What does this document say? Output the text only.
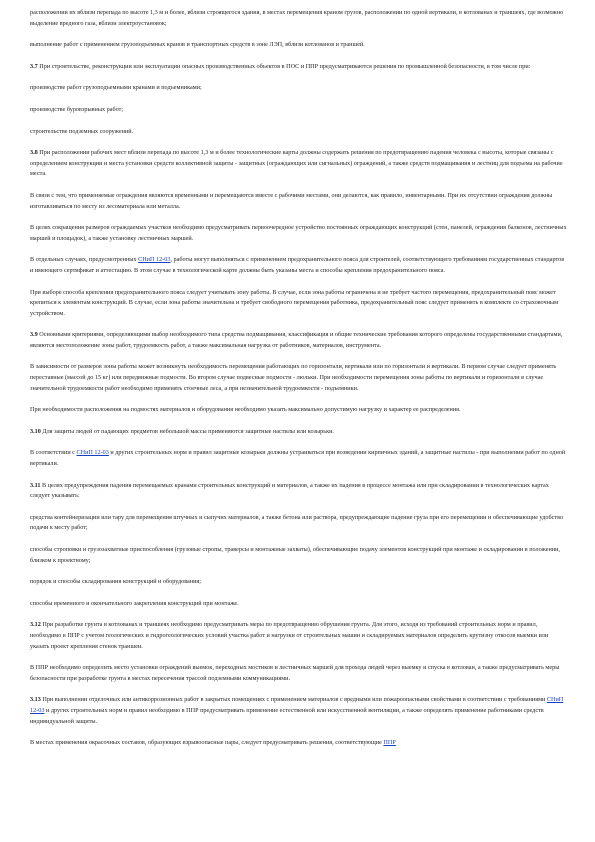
расположении их вблизи перепада по высоте 1,3 м и более, вблизи строящегося здания, в местах перемещения краном грузов, расположении по одной вертикали, в котлованах и траншеях, где возможно выделение вредного газа, вблизи электроустановок;

выполнение работ с применением грузоподъемных кранов и транспортных средств в зоне ЛЭП, вблизи котлованов и траншей.

3.7 При строительстве, реконструкции или эксплуатации опасных производственных объектов в ПОС и ППР предусматриваются решения по промышленной безопасности, в том числе при:

производстве работ грузоподъемными кранами и подъемниками;

производстве буровзрывных работ;

строительстве подземных сооружений.

3.8 При расположении рабочих мест вблизи перепада по высоте 1,3 м и более технологические карты должны содержать решения по предотвращению падения человека с высоты, которые связаны с определением конструкции и места установки средств коллективной защиты - защитных (ограждающих или сигнальных) ограждений, а также средств подмащивания и лестниц для подъема на рабочие места.

В связи с тем, что применяемые ограждения являются временными и перемещаются вместе с рабочими местами, они делаются, как правило, инвентарными. При их отсутствии ограждения должны изготавливаться по месту из лесоматериала или металла.

В целях сокращения размеров ограждаемых участков необходимо предусматривать первоочередное устройство постоянных ограждающих конструкций (стен, панелей, ограждения балконов, лестничных маршей и площадок), а также установку лестничных маршей.

В отдельных случаях, предусмотренных СНиП 12-03, работы могут выполняться с применением предохранительного пояса для строителей, соответствующего требованиям государственных стандартов и имеющего сертификат и аттестацию. В этом случае в технологической карте должны быть указаны места и способы крепления предохранительного пояса.

При выборе способа крепления предохранительного пояса следует учитывать зону работы. В случае, если зона работы ограничена и не требует частого перемещения, предохранительный пояс может крепиться к элементам конструкций. В случае, если зона работы значительна и требует свободного перемещения работника, предохранительный пояс следует применять в комплекте со страховочным устройством.

3.9 Основными критериями, определяющими выбор необходимого типа средства подмащивания, классификация и общие технические требования которого определены государственными стандартами, являются местоположение зоны работ, трудоемкость работ, а также максимальная нагрузка от работников, материалов, инструмента.

В зависимости от размеров зоны работы может возникнуть необходимость перемещения работающих по горизонтали, вертикали или по горизонтали и вертикали. В первом случае следует применять переставные (массой до 15 кг) или передвижные подмости. Во втором случае подвесные подмости - люльки. При необходимости перемещения зоны работы по вертикали и горизонтали в случае значительной трудоемкости работ необходимо применять стоечные леса, а при незначительной трудоемкости - подъемники.

При необходимости расположения на подмостях материалов и оборудования необходимо указать максимально допустимую нагрузку и характер ее распределения.

3.10 Для защиты людей от падающих предметов небольшой массы применяются защитные настилы или козырьки.

В соответствии с СНиП 12-03 и других строительных норм и правил защитные козырьки должны устраиваться при возведении кирпичных зданий, а защитные настилы - при выполнении работ по одной вертикали.

3.11 В целях предупреждения падения перемещаемых кранами строительных конструкций и материалов, а также их падения в процессе монтажа или при складировании в технологических картах следует указывать:

средства контейнеризации или тару для перемещения штучных и сыпучих материалов, а также бетона или раствора, предупреждающие падение груза при его перемещении и обеспечивающие удобство подачи к месту работ;

способы строповки и грузозахватные приспособления (грузовые стропы, траверсы и монтажные захваты), обеспечивающие подачу элементов конструкций при монтаже и складировании в положении, близком к проектному;

порядок и способы складирования конструкций и оборудования;

способы временного и окончательного закрепления конструкций при монтаже.

3.12 При разработке грунта в котлованах и траншеях необходимо предусматривать меры по предотвращению обрушения грунта. Для этого, исходя из требований строительных норм и правил, необходимо в ППР с учетом геологических и гидрогеологических условий участка работ и нагрузки от строительных машин и складируемых материалов определить крутизну откосов выемки или указать проект крепления стенок траншеи.

В ППР необходимо определить место установки ограждений выемок, переходных мостиков и лестничных маршей для прохода людей через выемку и спуска в котлован, а также предусматривать меры безопасности при разработке грунта в местах пересечения трассой подземными коммуникациями.

3.13 При выполнении отделочных или антикоррозионных работ в закрытых помещениях с применением материалов с вредными или пожароопасными свойствами в соответствии с требованиями СНиП 12-03 и других строительных норм и правил необходимо в ППР предусматривать применение естественной или искусственной вентиляции, а также определять применение работниками средств индивидуальной защиты.

В местах применения окрасочных составов, образующих взрывоопасные пары, следует предусматривать решения, соответствующие ППР
